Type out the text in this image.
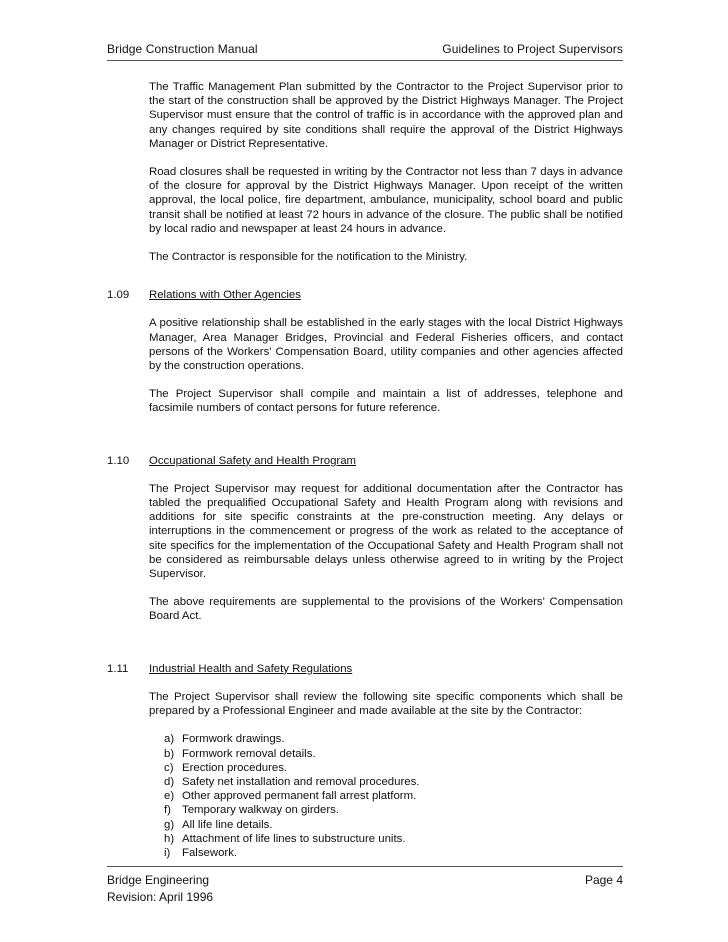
Bridge Construction Manual	Guidelines to Project Supervisors

The Traffic Management Plan submitted by the Contractor to the Project Supervisor prior to the start of the construction shall be approved by the District Highways Manager. The Project Supervisor must ensure that the control of traffic is in accordance with the approved plan and any changes required by site conditions shall require the approval of the District Highways Manager or District Representative.

Road closures shall be requested in writing by the Contractor not less than 7 days in advance of the closure for approval by the District Highways Manager. Upon receipt of the written approval, the local police, fire department, ambulance, municipality, school board and public transit shall be notified at least 72 hours in advance of the closure. The public shall be notified by local radio and newspaper at least 24 hours in advance.

The Contractor is responsible for the notification to the Ministry.

1.09	Relations with Other Agencies

A positive relationship shall be established in the early stages with the local District Highways Manager, Area Manager Bridges, Provincial and Federal Fisheries officers, and contact persons of the Workers' Compensation Board, utility companies and other agencies affected by the construction operations.

The Project Supervisor shall compile and maintain a list of addresses, telephone and facsimile numbers of contact persons for future reference.

1.10	Occupational Safety and Health Program

The Project Supervisor may request for additional documentation after the Contractor has tabled the prequalified Occupational Safety and Health Program along with revisions and additions for site specific constraints at the pre-construction meeting. Any delays or interruptions in the commencement or progress of the work as related to the acceptance of site specifics for the implementation of the Occupational Safety and Health Program shall not be considered as reimbursable delays unless otherwise agreed to in writing by the Project Supervisor.

The above requirements are supplemental to the provisions of the Workers' Compensation Board Act.

1.11	Industrial Health and Safety Regulations

The Project Supervisor shall review the following site specific components which shall be prepared by a Professional Engineer and made available at the site by the Contractor:

a) Formwork drawings.
b) Formwork removal details.
c) Erection procedures.
d) Safety net installation and removal procedures.
e) Other approved permanent fall arrest platform.
f) Temporary walkway on girders.
g) All life line details.
h) Attachment of life lines to substructure units.
i)	Falsework.
Bridge Engineering
Revision: April 1996
Page 4
